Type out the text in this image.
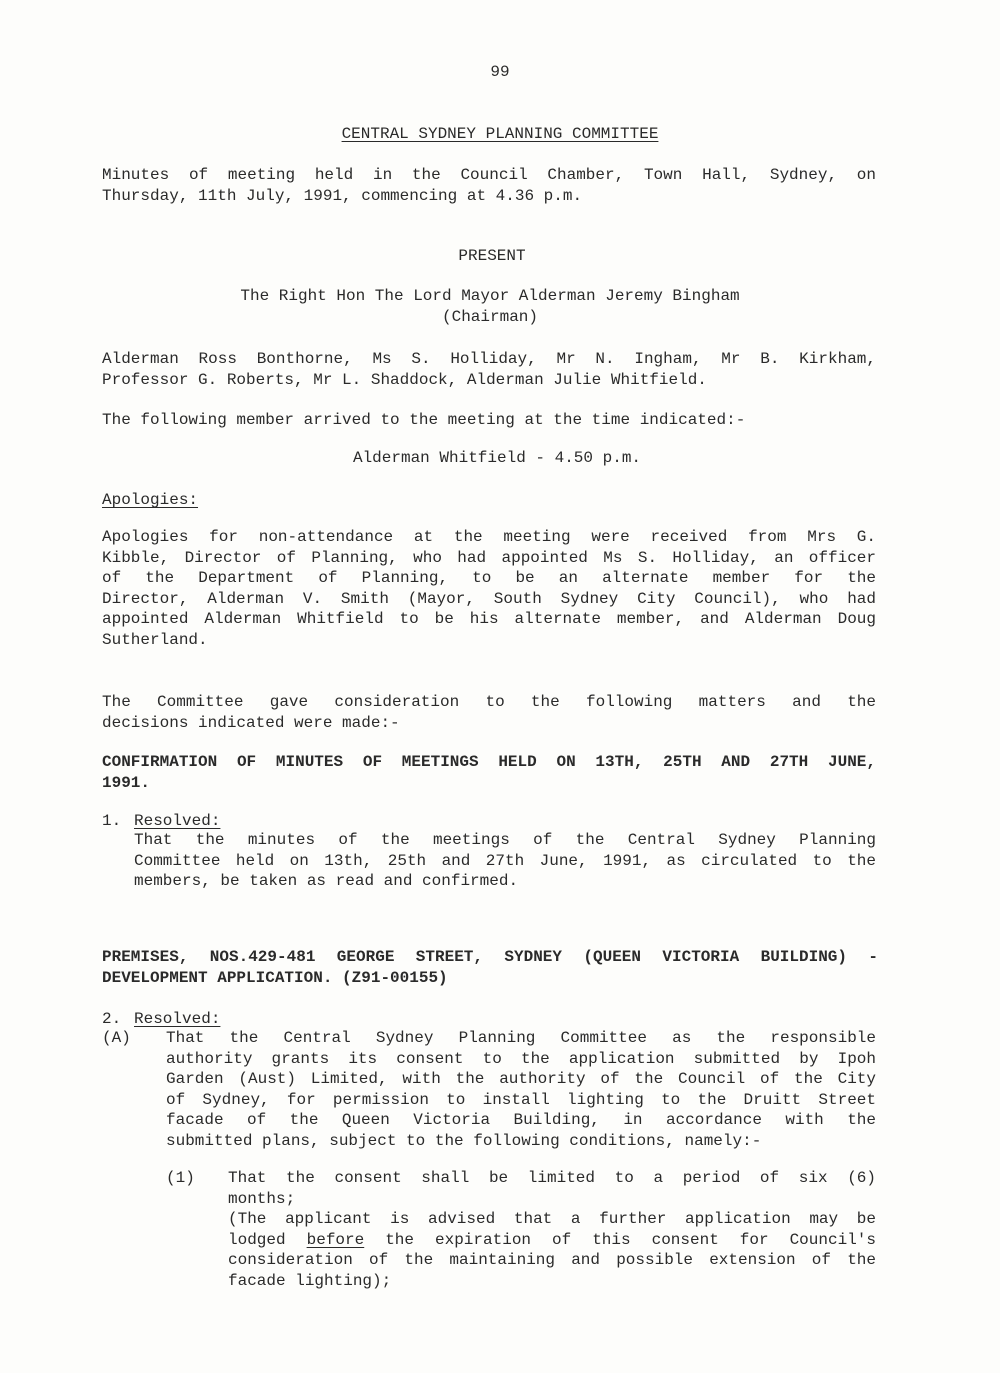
99
CENTRAL SYDNEY PLANNING COMMITTEE

Minutes of meeting held in the Council Chamber, Town Hall, Sydney, on

Thursday, 11th July, 1991, commencing at 4.36 p.m.

PRESENT

The Right Hon The Lord Mayor Alderman Jeremy Bingham

(Chairman)

Alderman Ross Bonthorne, Ms S. Holliday, Mr N. Ingham, Mr B. Kirkham,

Professor G. Roberts, Mr L. Shaddock, Alderman Julie Whitfield.

The following member arrived to the meeting at the time indicated:-
Alderman Whitfield - 4.50 p.m.
Apologies:

Apologies for non-attendance at the meeting were received from Mrs G.

Kibble, Director of Planning, who had appointed Ms S. Holliday, an officer

of the Department of Planning, to be an alternate member for the

Director, Alderman V. Smith (Mayor, South Sydney City Council), who had

appointed Alderman Whitfield to be his alternate member, and Alderman Doug

Sutherland.

The Committee gave consideration to the following matters and the

decisions indicated were made:-

CONFIRMATION OF MINUTES OF MEETINGS HELD ON 13TH, 25TH AND 27TH JUNE,

1991.

1. Resolved:

That the minutes of the meetings of the Central Sydney Planning

Committee held on 13th, 25th and 27th June, 1991, as circulated to the

members, be taken as read and confirmed.

PREMISES, NOS.429-481 GEORGE STREET, SYDNEY (QUEEN VICTORIA BUILDING) -

DEVELOPMENT APPLICATION. (Z91-00155)

2. Resolved:
(A) That the Central Sydney Planning Committee as the responsible

authority grants its consent to the application submitted by Ipoh

Garden (Aust) Limited, with the authority of the Council of the City

of Sydney, for permission to install lighting to the Druitt Street

facade of the Queen Victoria Building, in accordance with the

submitted plans, subject to the following conditions, namely:-

(1) That the consent shall be limited to a period of six (6)

months;

(The applicant is advised that a further application may be

lodged before the expiration of this consent for Council's

consideration of the maintaining and possible extension of the

facade lighting);
